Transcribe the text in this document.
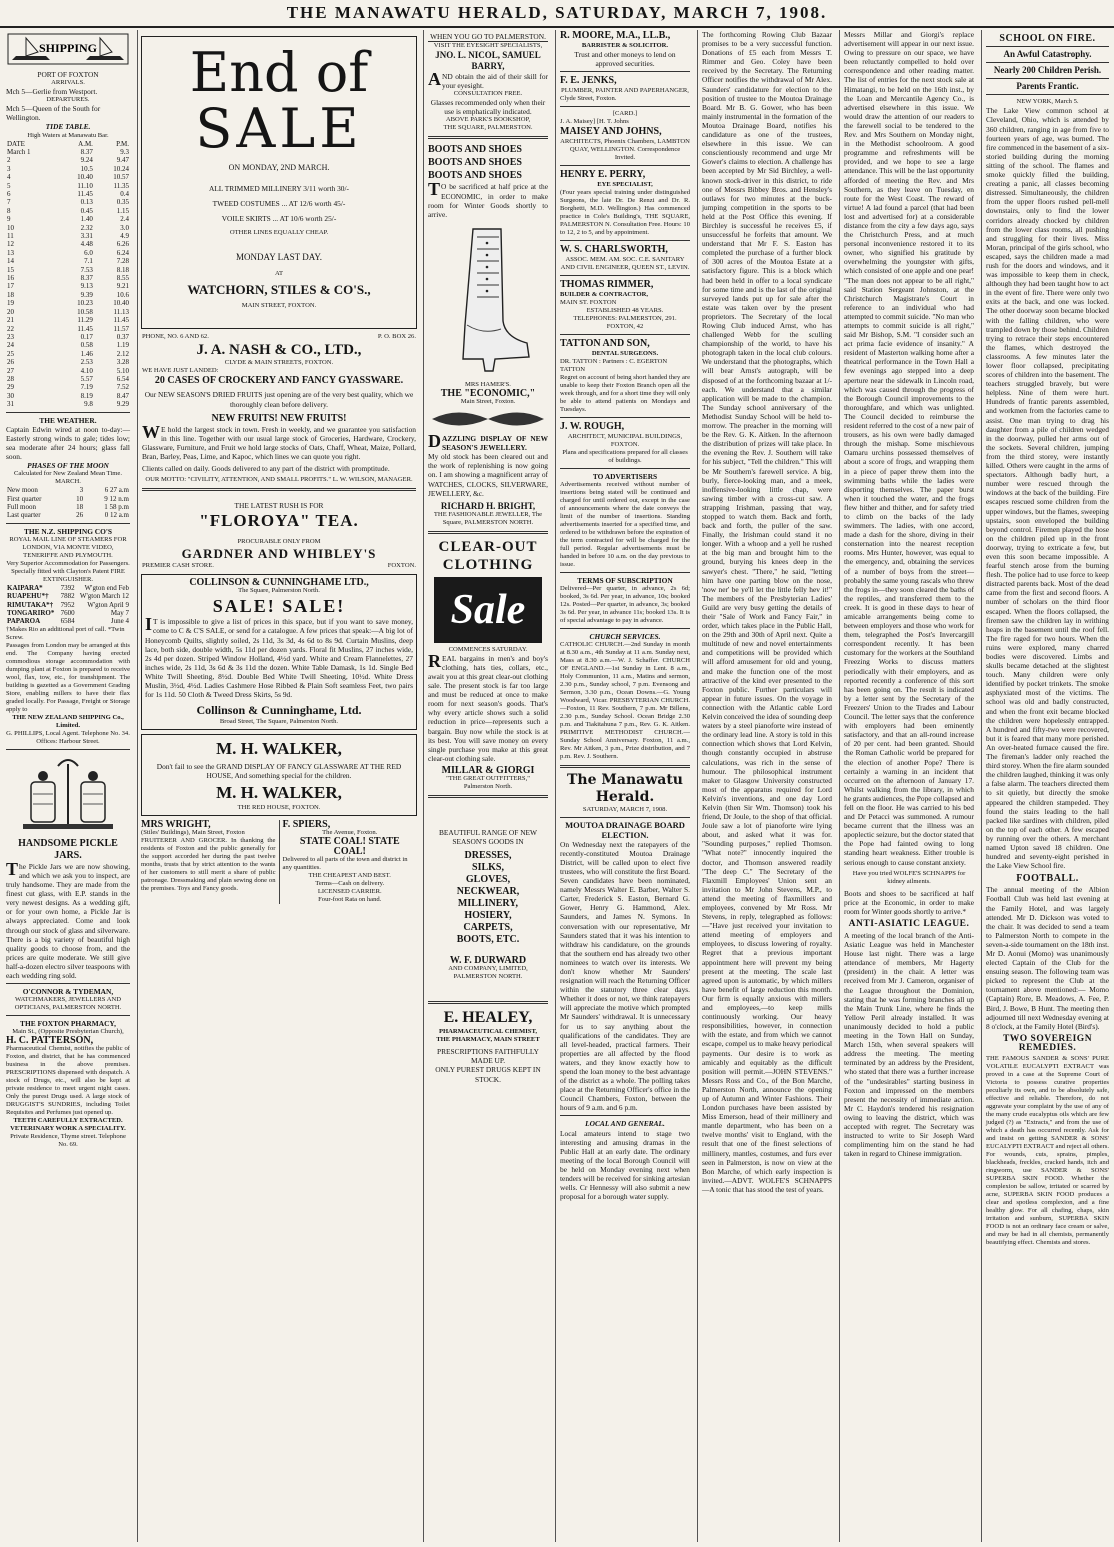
THE MANAWATU HERALD, SATURDAY, MARCH 7, 1908.
SHIPPING
PORT OF FOXTON
ARRIVALS.
Mch 5—Gerlie from Westport.
DEPARTURES.
Mch 5—Queen of the South for Wellington.
TIDE TABLE.
High Waters at Manawatu Bar.
DATE	A.M.	P.M.
March 1	8.37	9.3
2	9.24	9.47
3	10.5	10.24
4	10.40	10.57
5	11.10	11.35
6	11.45	0.4
7	0.13	0.35
8	0.45	1.15
9	1.40	2.4
10	2.32	3.0
11	3.31	4.9
12	4.48	6.26
13	6.0	6.24
14	7.1	7.28
15	7.53	8.18
16	8.37	8.55
17	9.13	9.21
18	9.39	10.6
19	10.23	10.40
20	10.58	11.13
21	11.29	11.45
22	11.45	11.57
23	0.17	0.37
24	0.58	1.19
25	1.46	2.12
26	2.53	3.28
27	4.10	5.10
28	5.57	6.54
29	7.19	7.52
30	8.19	8.47
31	9.8	9.29
THE WEATHER.
Captain Edwin wired at noon to-day:— Easterly strong winds to gale; tides low; sea moderate after 24 hours; glass fall soon.
PHASES OF THE MOON
Calculated for New Zealand Mean Time.
MARCH.
New moon	3	6 27 a.m
First quarter	10	9 12 n.m
Full moon	18	1 58 p.m
Last quarter	26	0 12 a.m
THE N.Z. SHIPPING CO'S
ROYAL MAIL LINE OF STEAMERS FOR LONDON, VIA MONTE VIDEO, TENERIFFE AND PLYMOUTH.
Very Superior Accommodation for Passengers. Specially fitted with Clayton's Patent FIRE EXTINGUISHER.
KAIPARA*	7392	W'gton end Feb
RUAPEHU*†	7882	W'gton March 12
RIMUTAKA*†	7952	W'gton April 9
TONGARIRO*	7600	May 7
PAPAROA	6584	June 4
†Makes Rio an additional port of call. *Twin Screw.
Passages from London may be arranged at this end. The Company having erected commodious storage accommodation with dumping plant at Foxton is prepared to receive wool, flax, tow, etc., for transhipment. The building is gazetted as a Government Grading Store, enabling millers to have their flax graded locally. For Passage, Freight or Storage apply to
THE NEW ZEALAND SHIPPING Co., Limited.
G. PHILLIPS, Local Agent. Telephone No. 34. Offices: Harbour Street.
HANDSOME PICKLE JARS.
The Pickle Jars we are now showing, and which we ask you to inspect, are truly handsome. They are made from the finest cut glass, with E.P. stands in the very newest designs. As a wedding gift, or for your own home, a Pickle Jar is always appreciated. Come and look through our stock of glass and silverware. There is a big variety of beautiful high quality goods to choose from, and the prices are quite moderate. We still give half-a-dozen electro silver teaspoons with each wedding ring sold.
O'CONNOR & TYDEMAN,
WATCHMAKERS, JEWELLERS AND OPTICIANS, PALMERSTON NORTH.
THE FOXTON PHARMACY,
Main St., (Opposite Presbyterian Church),
H. C. PATTERSON,
Pharmaceutical Chemist, notifies the public of Foxton, and district, that he has commenced business in the above premises. PRESCRIPTIONS dispensed with despatch. A stock of Drugs, etc., will also be kept at private residence to meet urgent night cases. Only the purest Drugs used. A large stock of DRUGGIST'S SUNDRIES, including Toilet Requisites and Perfumes just opened up.
TEETH CAREFULLY EXTRACTED.
VETERINARY WORK A SPECIALITY.
Private Residence, Thyme street. Telephone No. 69.
End of
SALE
ON MONDAY, 2ND MARCH.
ALL TRIMMED MILLINERY 3/11 worth 30/-
TWEED COSTUMES ... AT 12/6 worth 45/-
VOILE SKIRTS ... AT 10/6 worth 25/-
OTHER LINES EQUALLY CHEAP.
MONDAY LAST DAY.
AT
WATCHORN, STILES & CO'S.,
MAIN STREET, FOXTON.
PHONE, NO. 6 AND 62.	P. O. BOX 26.
J. A. NASH & CO., LTD.,
CLYDE & MAIN STREETS, FOXTON.
WE HAVE JUST LANDED:
20 CASES OF CROCKERY AND FANCY GYASSWARE.
Our NEW SEASON'S DRIED FRUITS just opening are of the very best quality, which we thoroughly clean before delivery.
NEW FRUITS! NEW FRUITS!
WE hold the largest stock in town. Fresh in weekly, and we guarantee you satisfaction in this line. Together with our usual large stock of Groceries, Hardware, Crockery, Glassware, Furniture, and Fruit we hold large stocks of Oats, Chaff, Wheat, Maize, Pollard, Bran, Barley, Peas, Lime, and Kapoc, which lines we can quote you right.
Clients called on daily. Goods delivered to any part of the district with promptitude.
OUR MOTTO: "CIVILITY, ATTENTION, AND SMALL PROFITS." L. W. WILSON, MANAGER.
THE LATEST RUSH IS FOR
"FLOROYA" TEA.
PROCURABLE ONLY FROM
GARDNER AND WHIBLEY'S
PREMIER CASH STORE.	FOXTON.
COLLINSON & CUNNINGHAME LTD.,
The Square, Palmerston North.
SALE! SALE!
IT is impossible to give a list of prices in this space, but if you want to save money, come to C & C'S SALE, or send for a catalogue. A few prices that speak:—A big lot of Honeycomb Quilts, slightly soiled, 2s 11d, 3s 3d, 4s 6d to 8s 9d. Curtain Muslins, deep lace, both side, double width, 5s 11d per dozen yards. Floral fit Muslins, 27 inches wide, 2s 4d per dozen. Striped Window Holland, 4½d yard. White and Cream Flannelettes, 27 inches wide, 2s 11d, 3s 6d & 3s 11d the dozen. White Table Damask, 1s 1d. Single Bed White Twill Sheeting, 8½d. Double Bed White Twill Sheeting, 10½d. White Dress Muslin, 3½d, 4½d. Ladies Cashmere Hose Ribbed & Plain Soft seamless Feet, two pairs for 1s 11d. 50 Cloth & Tweed Dress Skirts, 5s 9d.
Collinson & Cunninghame, Ltd.
Broad Street, The Square, Palmerston North.
M. H. WALKER,
Don't fail to see the GRAND DISPLAY OF FANCY GLASSWARE AT THE RED HOUSE, And something special for the children.
M. H. WALKER,
THE RED HOUSE, FOXTON.
MRS WRIGHT,
(Stiles' Buildings), Main Street, Foxton
FRUITERER AND GROCER. In thanking the residents of Foxton and the public generally for the support accorded her during the past twelve months, trusts that by strict attention to the wants of her customers to still merit a share of public patronage. Dressmaking and plain sewing done on the premises. Toys and Fancy goods.
F. SPIERS,
The Avenue, Foxton.
STATE COAL! STATE COAL!
Delivered to all parts of the town and district in any quantities.
THE CHEAPEST AND BEST.
Terms—Cash on delivery.
LICENSED CARRIER.
Four-foot Rata on hand.
WHEN YOU GO TO PALMERSTON.
VISIT THE EYESIGHT SPECIALISTS,
JNO. L. NICOL, SAMUEL BARRY,
AND obtain the aid of their skill for your eyesight.
CONSULTATION FREE.
Glasses recommended only when their use is emphatically indicated.
ABOVE PARK'S BOOKSHOP,
THE SQUARE, PALMERSTON.
BOOTS AND SHOES
BOOTS AND SHOES
BOOTS AND SHOES
TO be sacrificed at half price at the ECONOMIC, in order to make room for Winter Goods shortly to arrive.
MRS HAMER'S.
THE "ECONOMIC,"
Main Street, Foxton.
DAZZLING DISPLAY OF NEW SEASON'S JEWELLERY.
My old stock has been cleared out and the work of replenishing is now going on. I am showing a magnificent array of WATCHES, CLOCKS, SILVERWARE, JEWELLERY, &c.
RICHARD H. BRIGHT,
THE FASHIONABLE JEWELLER, The Square, PALMERSTON NORTH.
CLEAR-OUT CLOTHING
Sale
COMMENCES SATURDAY.
REAL bargains in men's and boy's clothing, hats ties, collars, etc., await you at this great clear-out clothing sale. The present stock is far too large and must be reduced at once to make room for next season's goods. That's why every article shows such a solid reduction in price—represents such a bargain. Buy now while the stock is at its best. You will save money on every single purchase you make at this great clear-out clothing sale.
MILLAR & GIORGI
"THE GREAT OUTFITTERS,"
Palmerston North.
BEAUTIFUL RANGE OF NEW SEASON'S GOODS IN
DRESSES,
SILKS,
GLOVES,
NECKWEAR,
MILLINERY,
HOSIERY,
CARPETS,
BOOTS, ETC.
W. F. DURWARD
AND COMPANY, LIMITED, PALMERSTON NORTH.
E. HEALEY,
PHARMACEUTICAL CHEMIST,
THE PHARMACY, MAIN STREET
PRESCRIPTIONS FAITHFULLY MADE UP.
ONLY PUREST DRUGS KEPT IN STOCK.
R. MOORE, M.A., LL.B.,
BARRISTER & SOLICITOR.
Trust and other moneys to lend on approved securities.
F. E. JENKS,
PLUMBER, PAINTER AND PAPERHANGER,
Clyde Street, Foxton.
[CARD.]
J. A. Maisey] [H. T. Johns
MAISEY AND JOHNS,
ARCHITECTS, Phoenix Chambers, LAMBTON QUAY, WELLINGTON. Correspondence Invited.
HENRY E. PERRY,
EYE SPECIALIST,
(Four years special training under distinguished Surgeons, the late Dr. De Renzi and Dr. R. Borghetti, M.D. Wellington.) Has commenced practice in Cole's Building's, THE SQUARE, PALMERSTON N. Consultation Free. Hours: 10 to 12, 2 to 5, and by appointment.
W. S. CHARLSWORTH,
ASSOC. MEM. AM. SOC. C.E. SANITARY AND CIVIL ENGINEER, QUEEN ST., LEVIN.
THOMAS RIMMER,
BUILDER & CONTRACTOR,
MAIN ST. FOXTON
ESTABLISHED 48 YEARS.
TELEPHONES: PALMERSTON, 291. FOXTON, 42
TATTON AND SON,
DENTAL SURGEONS.
DR. TATTON : Partners : C. EGERTON TATTON
Regret on account of being short handed they are unable to keep their Foxton Branch open all the week through, and for a short time they will only be able to attend patients on Mondays and Tuesdays.
J. W. ROUGH,
ARCHITECT, MUNICIPAL BUILDINGS, FOXTON.
Plans and specifications prepared for all classes of buildings.
TO ADVERTISERS
Advertisements received without number of insertions being stated will be continued and charged for until ordered out, except in the case of announcements where the date conveys the limit of the number of insertions. Standing advertisements inserted for a specified time, and ordered to be withdrawn before the expiration of the term contracted for will be charged for the full period. Regular advertisements must be handed in before 10 a.m. on the day previous to issue.
TERMS OF SUBSCRIPTION
Delivered—Per quarter, in advance, 2s 6d; booked, 3s 6d. Per year, in advance, 10s; booked 12s. Posted—Per quarter, in advance, 3s; booked 3s 6d. Per year, in advance 11s; booked 13s. It is of special advantage to pay in advance.
CHURCH SERVICES.
CATHOLIC CHURCH.—2nd Sunday in month at 8.30 a.m., 4th Sunday at 11 a.m. Sunday next, Mass at 8.30 a.m.—W. J. Schaffer. CHURCH OF ENGLAND.—1st Sunday in Lent. 8 a.m., Holy Communion, 11 a.m., Matins and sermon, 2.30 p.m., Sunday school, 7 p.m. Evensong and Sermon, 3.30 p.m., Ocean Downs.—G. Young Woodward, Vicar. PRESBYTERIAN CHURCH.—Foxton, 11 Rev. Southern, 7 p.m. Mr Billens, 2.30 p.m., Sunday School. Ocean Bridge 2.30 p.m. and Tiakitahuna 7 p.m., Rev. G. K. Aitken. PRIMITIVE METHODIST CHURCH.—Sunday School Anniversary. Foxton, 11 a.m., Rev. Mr Aitken, 3 p.m., Prize distribution, and 7 p.m. Rev. J. Southern.
The Manawatu Herald.
SATURDAY, MARCH 7, 1908.
MOUTOA DRAINAGE BOARD ELECTION.
On Wednesday next the ratepayers of the recently-constituted Moutoa Drainage District, will be called upon to elect five trustees, who will constitute the first Board. Seven candidates have been nominated, namely Messrs Walter E. Barber, Walter S. Carter, Frederick S. Easton, Bernard G. Gower, Henry G. Hammond, Alex. Saunders, and James N. Symons. In conversation with our representative, Mr Saunders stated that it was his intention to withdraw his candidature, on the grounds that the southern end has already two other nominees to watch over its interests. We don't know whether Mr Saunders' resignation will reach the Returning Officer within the statutory three clear days. Whether it does or not, we think ratepayers will appreciate the motive which prompted Mr Saunders' withdrawal. It is unnecessary for us to say anything about the qualifications of the candidates. They are all level-headed, practical farmers. Their properties are all affected by the flood waters, and they know exactly how to spend the loan money to the best advantage of the district as a whole. The polling takes place at the Returning Officer's office in the Council Chambers, Foxton, between the hours of 9 a.m. and 6 p.m.
LOCAL AND GENERAL.
Local amateurs intend to stage two interesting and amusing dramas in the Public Hall at an early date. The ordinary meeting of the local Borough Council will be held on Monday evening next when tenders will be received for sinking artesian wells. Cr Hennessy will also submit a new proposal for a borough water supply.
The forthcoming Rowing Club Bazaar promises to be a very successful function. Donations of £5 each from Messrs T. Rimmer and Geo. Coley have been received by the Secretary. The Returning Officer notifies the withdrawal of Mr Alex. Saunders' candidature for election to the position of trustee to the Moutoa Drainage Board. Mr B. G. Gower, who has been mainly instrumental in the formation of the Moutoa Drainage Board, notifies his candidature as one of the trustees, elsewhere in this issue. We can conscientiously recommend and urge Mr Gower's claims to election. A challenge has been accepted by Mr Sid Birchley, a well-known stock-driver in this district, to ride one of Messrs Bibbey Bros. and Hensley's outlaws for two minutes at the buck-jumping competition in the sports to be held at the Post Office this evening. If Birchley is successful he receives £5, if unsuccessful he forfeits that amount. We understand that Mr F. S. Easton has completed the purchase of a further block of 300 acres of the Moutoa Estate at a satisfactory figure. This is a block which had been held in offer to a local syndicate for some time and is the last of the original surveyed lands put up for sale after the estate was taken over by the present proprietors. The Secretary of the local Rowing Club induced Arnst, who has challenged Webb for the sculling championship of the world, to have his photograph taken in the local club colours. We understand that the photographs, which will bear Arnst's autograph, will be disposed of at the forthcoming bazaar at 1/- each. We understand that a similar application will be made to the champion. The Sunday school anniversary of the Methodist Sunday School will be held to-morrow. The preacher in the morning will be the Rev. G. K. Aitken. In the afternoon the distribution of prizes will take place. In the evening the Rev. J. Southern will take for his subject, "Tell the children." This will be Mr Southern's farewell service. A big, burly, fierce-looking man, and a meek, inoffensive-looking little chap, were sawing timber with a cross-cut saw. A strapping Irishman, passing that way, stopped to watch them. Back and forth, back and forth, the puller of the saw. Finally, the Irishman could stand it no longer. With a whoop and a yell he rushed at the big man and brought him to the ground, burying his knees deep in the sawyer's chest. "There," he said, "letting him have one parting blow on the nose, 'now ner' be ye'll let the little felly hev it!" The members of the Presbyterian Ladies' Guild are very busy getting the details of their "Sale of Work and Fancy Fair," in order, which takes place in the Public Hall, on the 29th and 30th of April next. Quite a multitude of new and novel entertainments and competitions will be provided which will afford amusement for old and young, and make the function one of the most attractive of the kind ever presented to the Foxton public. Further particulars will appear in future issues. On the voyage in connection with the Atlantic cable Lord Kelvin conceived the idea of sounding deep waters by a steel pianoforte wire instead of the ordinary lead line. A story is told in this connection which shows that Lord Kelvin, though constantly occupied in abstruse calculations, was rich in the sense of humour. The philosophical instrument maker to Glasgow University constructed most of the apparatus required for Lord Kelvin's inventions, and one day Lord Kelvin (then Sir Wm. Thomson) took his friend, Dr Joule, to the shop of that official. Joule saw a lot of pianoforte wire lying about, and asked what it was for. "Sounding purposes," replied Thomson. "What note?" innocently inquired the doctor, and Thomson answered readily "The deep C." The Secretary of the Flaxmill Employees' Union sent an invitation to Mr John Stevens, M.P., to attend the meeting of flaxmillers and employees, convened by Mr Ross. Mr Stevens, in reply, telegraphed as follows:—"Have just received your invitation to attend meeting of employers and employees, to discuss lowering of royalty. Regret that a previous important appointment here will prevent my being present at the meeting. The scale last agreed upon is automatic, by which millers have benefit of large reduction this month. Our firm is equally anxious with millers and employees,—to keep mills continuously working. Our heavy responsibilities, however, in connection with the estate, and from which we cannot escape, compel us to make heavy periodical payments. Our desire is to work as amicably and equitably as the difficult position will permit.—JOHN STEVENS." Messrs Ross and Co., of the Bon Marche, Palmerston North, announce the opening up of Autumn and Winter Fashions. Their London purchases have been assisted by Miss Emerson, head of their millinery and mantle department, who has been on a twelve months' visit to England, with the result that one of the finest selections of millinery, mantles, costumes, and furs ever seen in Palmerston, is now on view at the Bon Marche, of which early inspection is invited.—ADVT. WOLFE'S SCHNAPPS—A tonic that has stood the test of years.
Messrs Millar and Giorgi's replace advertisement will appear in our next issue. Owing to pressure on our space, we have been reluctantly compelled to hold over correspondence and other reading matter. The list of entries for the next stock sale at Himatangi, to be held on the 16th inst., by the Loan and Mercantile Agency Co., is advertised elsewhere in this issue. We would draw the attention of our readers to the farewell social to be tendered to the Rev. and Mrs Southern on Monday night, in the Methodist schoolroom. A good programme and refreshments will be provided, and we hope to see a large attendance. This will be the last opportunity afforded of meeting the Rev. and Mrs Southern, as they leave on Tuesday, en route for the West Coast. The reward of virtue! A lad found a parcel (that had been lost and advertised for) at a considerable distance from the city a few days ago, says the Christchurch Press, and at much personal inconvenience restored it to its owner, who signified his gratitude by overwhelming the youngster with gifts, which consisted of one apple and one pear! "The man does not appear to be all right," said Station Sergeant Johnston, at the Christchurch Magistrate's Court in reference to an individual who had attempted to commit suicide. "No man who attempts to commit suicide is all right," said Mr Bishop, S.M. "I consider such an act prima facie evidence of insanity." A resident of Masterton walking home after a theatrical performance in the Town Hall a few evenings ago stepped into a deep aperture near the sidewalk in Lincoln road, which was caused through the progress of the Borough Council improvements to the thoroughfare, and which was unlighted. The Council decided to reimburse the resident referred to the cost of a new pair of trousers, as his own were badly damaged through the mishap. Some mischievous Oamaru urchins possessed themselves of about a score of frogs, and wrapping them in a piece of paper threw them into the swimming baths while the ladies were disporting themselves. The paper burst when it touched the water, and the frogs flew hither and thither, and for safety tried to climb on the backs of the lady swimmers. The ladies, with one accord, made a dash for the shore, diving in their consternation into the nearest reception rooms. Mrs Hunter, however, was equal to the emergency, and, obtaining the services of a number of boys from the street—probably the same young rascals who threw the frogs in—they soon cleared the baths of the reptiles, and transferred them to the creek. It is good in these days to hear of amicable arrangements being come to between employers and those who work for them, telegraphed the Post's Invercargill correspondent recently. It has been customary for the workers at the Southland Freezing Works to discuss matters periodically with their employers, and as reported recently a conference of this sort has been going on. The result is indicated by a letter sent by the Secretary of the Freezers' Union to the Trades and Labour Council. The letter says that the conference with employers had been eminently satisfactory, and that an all-round increase of 20 per cent. had been granted. Should the Roman Catholic world be prepared for the election of another Pope? There is certainly a warning in an incident that occurred on the afternoon of January 17. Whilst walking from the library, in which he grants audiences, the Pope collapsed and fell on the floor. He was carried to his bed and Dr Petacci was summoned. A rumour became current that the illness was an apoplectic seizure, but the doctor stated that the Pope had fainted owing to long standing heart weakness. Either trouble is serious enough to cause constant anxiety.
Have you tried WOLFE'S SCHNAPPS for kidney ailments.
Boots and shoes to be sacrificed at half price at the Economic, in order to make room for Winter goods shortly to arrive.*
ANTI-ASIATIC LEAGUE.
A meeting of the local branch of the Anti-Asiatic League was held in Manchester House last night. There was a large attendance of members, Mr Hagerty (president) in the chair. A letter was received from Mr J. Cameron, organiser of the League throughout the Dominion, stating that he was forming branches all up the Main Trunk Line, where he finds the Yellow Peril already installed. It was unanimously decided to hold a public meeting in the Town Hall on Sunday, March 15th, when several speakers will address the meeting. The meeting terminated by an address by the President, who stated that there was a further increase of the "undesirables" starting business in Foxton and impressed on the members present the necessity of immediate action. Mr C. Haydon's tendered his resignation owing to leaving the district, which was accepted with regret. The Secretary was instructed to write to Sir Joseph Ward complimenting him on the stand he had taken in regard to Chinese immigration.
SCHOOL ON FIRE.
An Awful Catastrophy.
Nearly 200 Children Perish.
Parents Frantic.
NEW YORK, March 5.
The Lake View common school at Cleveland, Ohio, which is attended by 360 children, ranging in age from five to fourteen years of age, was burned. The fire commenced in the basement of a six-storied building during the morning sitting of the school. The flames and smoke quickly filled the building, creating a panic, all classes becoming distressed. Simultaneously, the children from the upper floors rushed pell-mell downstairs, only to find the lower corridors already chocked by children from the lower class rooms, all pushing and struggling for their lives. Miss Moran, principal of the girls school, who escaped, says the children made a mad rush for the doors and windows, and it was impossible to keep them in check, although they had been taught how to act in the event of fire. There were only two exits at the back, and one was locked. The other doorway soon became blocked with the falling children, who were trampled down by those behind. Children trying to retrace their steps encountered the flames, which destroyed the classrooms. A few minutes later the lower floor collapsed, precipitating scores of children into the basement. The teachers struggled bravely, but were helpless. Nine of them were hurt. Hundreds of frantic parents assembled, and workmen from the factories came to assist. One man trying to drag his daughter from a pile of children wedged in the doorway, pulled her arms out of the sockets. Several children, jumping from the third storey, were instantly killed. Others were caught in the arms of spectators. Although badly hurt, a number were rescued through the windows at the back of the building. Fire escapes rescued some children from the upper windows, but the flames, sweeping upstairs, soon enveloped the building beyond control. Firemen played the hose on the children piled up in the front doorway, trying to extricate a few, but even this soon became impossible. A fearful stench arose from the burning flesh. The police had to use force to keep distracted parents back. Most of the dead came from the first and second floors. A number of scholars on the third floor escaped. When the floors collapsed, the firemen saw the children lay in writhing heaps in the basement until the roof fell. The fire raged for two hours. When the ruins were explored, many charred bodies were discovered. Limbs and skulls became detached at the slightest touch. Many children were only identified by pocket trinkets. The smoke asphyxiated most of the victims. The school was old and badly constructed, and when the front exit became blocked the children were hopelessly entrapped. A hundred and fifty-two were recovered, but it is feared that many more perished. An over-heated furnace caused the fire. The fireman's ladder only reached the third storey. When the fire alarm sounded the children laughed, thinking it was only a false alarm. The teachers directed them to sit quietly, but directly the smoke appeared the children stampeded. They found the stairs leading to the hall packed like sardines with children, piled on the top of each other. A few escaped by running over the others. A merchant named Upton saved 18 children. One hundred and seventy-eight perished in the Lake View School fire.
FOOTBALL.
The annual meeting of the Albion Football Club was held last evening at the Family Hotel, and was largely attended. Mr D. Dickson was voted to the chair. It was decided to send a team to Palmerston North to compete in the seven-a-side tournament on the 18th inst. Mr D. Aonui (Momo) was unanimously elected Captain of the Club for the ensuing season. The following team was picked to represent the Club at the tournament above mentioned:— Momo (Captain) Rore, B. Meadows, A. Fee, P. Bird, J. Bowe, B Hunt. The meeting then adjourned till next Wednesday evening at 8 o'clock, at the Family Hotel (Bird's).
TWO SOVEREIGN REMEDIES.
THE FAMOUS SANDER & SONS' PURE VOLATILE EUCALYPTI EXTRACT was proved in a case at the Supreme Court of Victoria to possess curative properties peculiarly its own, and to be absolutely safe, effective and reliable. Therefore, do not aggravate your complaint by the use of any of the many crude eucalyptus oils which are few judged (?) as "Extracts," and from the use of which a death has occurred recently. Ask for and insist on getting SANDER & SONS' EUCALYPTI EXTRACT and reject all others. For wounds, cuts, sprains, pimples, blackheads, freckles, cracked hands, itch and ringworm, use SANDER & SONS' SUPERBA SKIN FOOD. Whether the complexion be sallow, irritated or scarred by acne, SUPERBA SKIN FOOD produces a clear and spotless complexion, and a fine healthy glow. For all chafing, chaps, skin irritation and sunburn, SUPERBA SKIN FOOD is not an ordinary face cream or salve, and may be had in all chemists, permanently beautifying effect. Chemists and stores.
